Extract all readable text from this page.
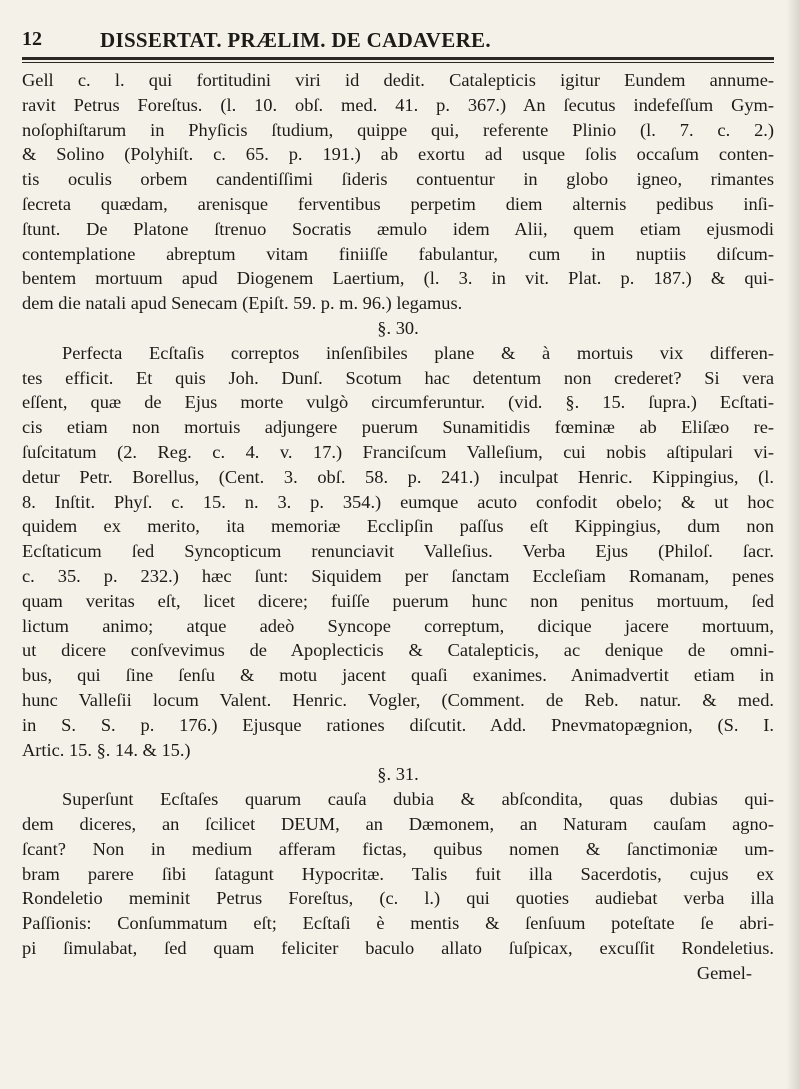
12	DISSERTAT. PRÆLIM. DE CADAVERE.
Gell c. l. qui fortitudini viri id dedit. Catalepticis igitur Eundem annume-
ravit Petrus Foreſtus. (l. 10. obſ. med. 41. p. 367.) An ſecutus indefeſſum Gym-
noſophiſtarum in Phyſicis ſtudium, quippe qui, referente Plinio (l. 7. c. 2.)
& Solino (Polyhiſt. c. 65. p. 191.) ab exortu ad usque ſolis occaſum conten-
tis oculis orbem candentiſſimi ſideris contuentur in globo igneo, rimantes
ſecreta quædam, arenisque ferventibus perpetim diem alternis pedibus inſi-
ſtunt. De Platone ſtrenuo Socratis æmulo idem Alii, quem etiam ejusmodi
contemplatione abreptum vitam finiiſſe fabulantur, cum in nuptiis diſcum-
bentem mortuum apud Diogenem Laertium, (l. 3. in vit. Plat. p. 187.) & qui-
dem die natali apud Senecam (Epiſt. 59. p. m. 96.) legamus.
§. 30.
Perfecta Ecſtaſis correptos inſenſibiles plane & à mortuis vix differen-
tes efficit. Et quis Joh. Dunſ. Scotum hac detentum non crederet? Si vera
eſſent, quæ de Ejus morte vulgò circumferuntur. (vid. §. 15. ſupra.) Ecſtati-
cis etiam non mortuis adjungere puerum Sunamitidis fœminæ ab Eliſæo re-
ſuſcitatum (2. Reg. c. 4. v. 17.) Franciſcum Valleſium, cui nobis aſtipulari vi-
detur Petr. Borellus, (Cent. 3. obſ. 58. p. 241.) inculpat Henric. Kippingius, (l.
8. Inſtit. Phyſ. c. 15. n. 3. p. 354.) eumque acuto confodit obelo; & ut hoc
quidem ex merito, ita memoriæ Ecclipſin paſſus eſt Kippingius, dum non
Ecſtaticum ſed Syncopticum renunciavit Valleſius. Verba Ejus (Philoſ. ſacr.
c. 35. p. 232.) hæc ſunt: Siquidem per ſanctam Eccleſiam Romanam, penes
quam veritas eſt, licet dicere; fuiſſe puerum hunc non penitus mortuum, ſed
lictum animo; atque adeò Syncope correptum, dicique jacere mortuum,
ut dicere conſvevimus de Apoplecticis & Catalepticis, ac denique de omni-
bus, qui ſine ſenſu & motu jacent quaſi exanimes. Animadvertit etiam in
hunc Valleſii locum Valent. Henric. Vogler, (Comment. de Reb. natur. & med.
in S. S. p. 176.) Ejusque rationes diſcutit. Add. Pnevmatopægnion, (S. I.
Artic. 15. §. 14. & 15.)
§. 31.
Superſunt Ecſtaſes quarum cauſa dubia & abſcondita, quas dubias qui-
dem diceres, an ſcilicet DEUM, an Dæmonem, an Naturam cauſam agno-
ſcant? Non in medium afferam fictas, quibus nomen & ſanctimoniæ um-
bram parere ſibi ſatagunt Hypocritæ. Talis fuit illa Sacerdotis, cujus ex
Rondeletio meminit Petrus Foreſtus, (c. l.) qui quoties audiebat verba illa
Paſſionis: Conſummatum eſt; Ecſtaſi è mentis & ſenſuum poteſtate ſe abri-
pi ſimulabat, ſed quam feliciter baculo allato ſuſpicax, excuſſit Rondeletius.
Gemel-
